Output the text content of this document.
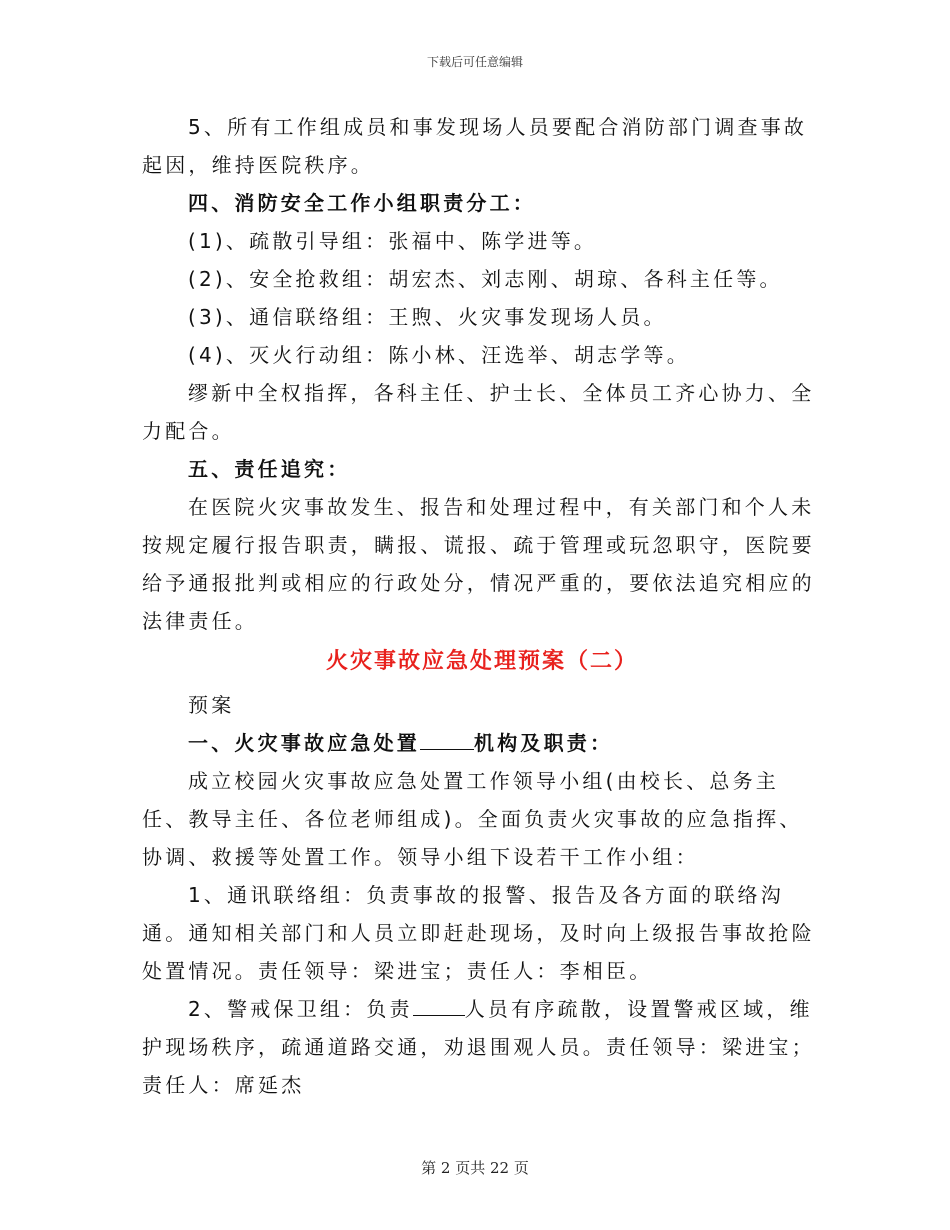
下载后可任意编辑

5、所有工作组成员和事发现场人员要配合消防部门调查事故起因，维持医院秩序。

四、消防安全工作小组职责分工：

(1)、疏散引导组：张福中、陈学进等。

(2)、安全抢救组：胡宏杰、刘志刚、胡琼、各科主任等。

(3)、通信联络组：王煦、火灾事发现场人员。

(4)、灭火行动组：陈小林、汪选举、胡志学等。

缪新中全权指挥，各科主任、护士长、全体员工齐心协力、全力配合。

五、责任追究：

在医院火灾事故发生、报告和处理过程中，有关部门和个人未按规定履行报告职责，瞒报、谎报、疏于管理或玩忽职守，医院要给予通报批判或相应的行政处分，情况严重的，要依法追究相应的法律责任。

火灾事故应急处理预案（二）

预案

一、火灾事故应急处置	机构及职责：

成立校园火灾事故应急处置工作领导小组(由校长、总务主任、教导主任、各位老师组成)。全面负责火灾事故的应急指挥、协调、救援等处置工作。领导小组下设若干工作小组：

1、通讯联络组：负责事故的报警、报告及各方面的联络沟通。通知相关部门和人员立即赶赴现场，及时向上级报告事故抢险处置情况。责任领导：梁进宝；责任人：李相臣。

2、警戒保卫组：负责	人员有序疏散，设置警戒区域，维护现场秩序，疏通道路交通，劝退围观人员。责任领导：梁进宝；责任人：席延杰

第 2 页共 22 页
